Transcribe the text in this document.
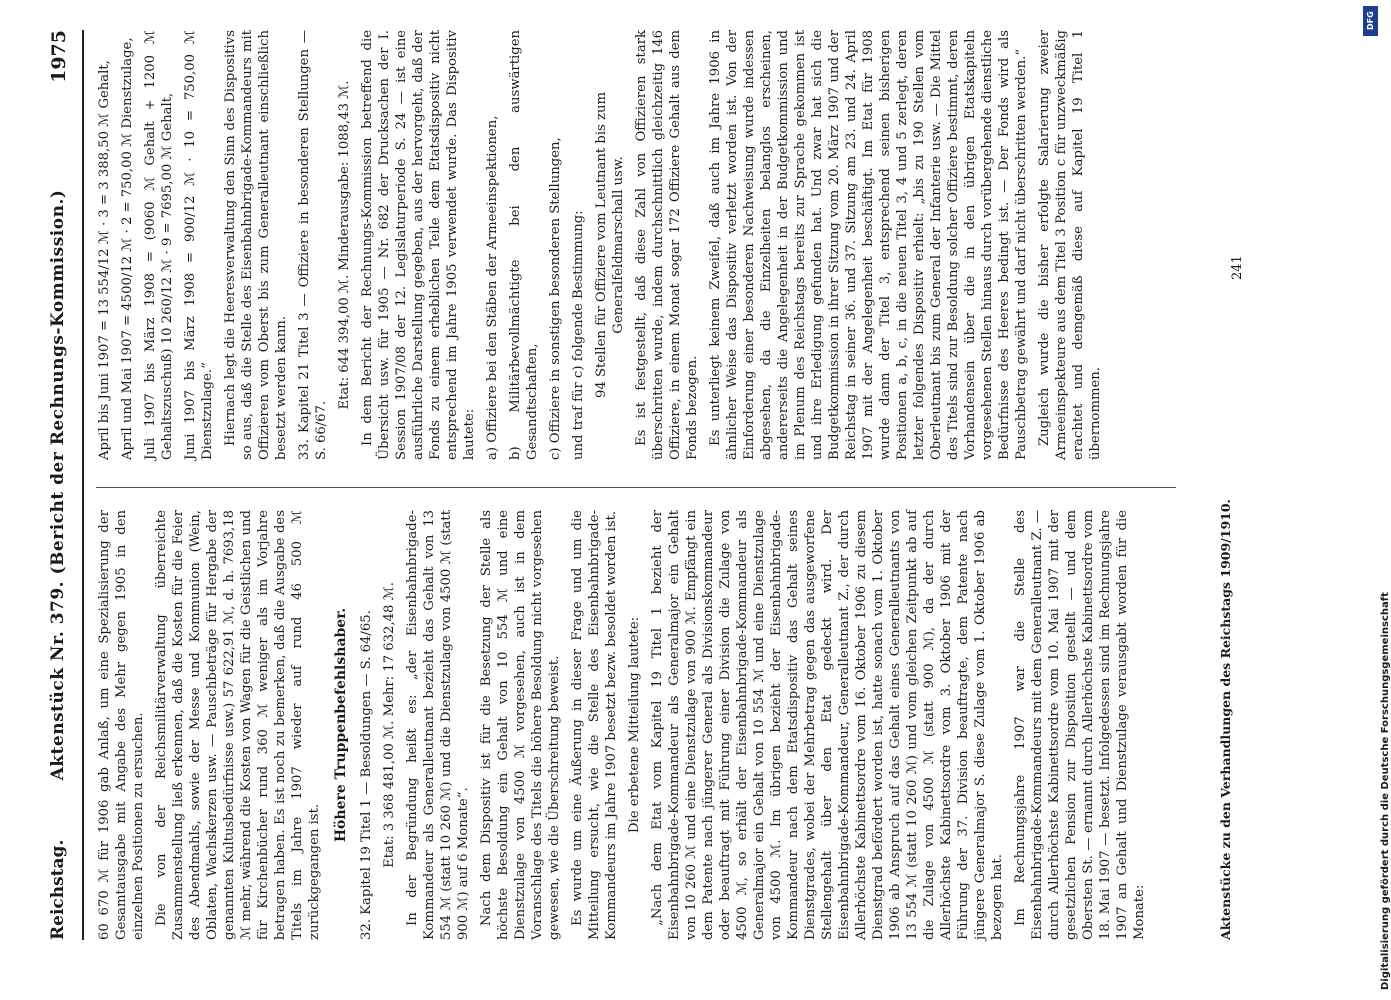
Reichstag.
Aktenstück Nr. 379. (Bericht der Rechnungs-Kommission.)
1975

60 670 ℳ für 1906 gab Anlaß, um eine Spezialisierung der Gesamtausgabe mit Angabe des Mehr gegen 1905 in den einzelnen Positionen zu ersuchen. Die von der Reichsmilitärverwaltung überreichte Zusammenstellung ließ erkennen, daß die Kosten für die Feier des Abendmahls, sowie der Messe und Kommunion (Wein, Oblaten, Wachskerzen usw. — Pauschbeträge für Hergabe der genannten Kultusbedürfnisse usw.) 57 622,91 ℳ, d. h. 7693,18 ℳ mehr, während die Kosten von Wagen für die Geistlichen und für Kirchenbücher rund 360 ℳ weniger als im Vorjahre betragen haben. Es ist noch zu bemerken, daß die Ausgabe des Titels im Jahre 1907 wieder auf rund 46 500 ℳ zurückgegangen ist.

Höhere Truppenbefehlshaber. 32. Kapitel 19 Titel 1 — Besoldungen — S. 64/65. Etat: 3 368 481,00 ℳ. Mehr: 17 632,48 ℳ. In der Begründung heißt es: „der Eisenbahnbrigade-Kommandeur als Generalleutnant bezieht das Gehalt von 13 554 ℳ (statt 10 260 ℳ) und die Dienstzulage von 4500 ℳ (statt 900 ℳ) auf 6 Monate“. Nach dem Dispositiv ist für die Besetzung der Stelle als höchste Besoldung ein Gehalt von 10 554 ℳ und eine Dienstzulage von 4500 ℳ vorgesehen, auch ist in dem Voranschlage des Titels die höhere Besoldung nicht vorgesehen gewesen, wie die Überschreitung beweist. Es wurde um eine Äußerung in dieser Frage und um die Mitteilung ersucht, wie die Stelle des Eisenbahnbrigade-Kommandeurs im Jahre 1907 besetzt bezw. besoldet worden ist. Die erbetene Mitteilung lautete: „Nach dem Etat vom Kapitel 19 Titel 1 bezieht der Eisenbahnbrigade-Kommandeur als Generalmajor ein Gehalt von 10 260 ℳ und eine Dienstzulage von 900 ℳ. Empfängt ein dem Patente nach jüngerer General als Divisionskommandeur oder beauftragt mit Führung einer Division die Zulage von 4500 ℳ, so erhält der Eisenbahnbrigade-Kommandeur als Generalmajor ein Gehalt von 10 554 ℳ und eine Dienstzulage von 4500 ℳ. Im übrigen bezieht der Eisenbahnbrigade-Kommandeur nach dem Etatsdispositiv das Gehalt seines Dienstgrades, wobei der Mehrbetrag gegen das ausgeworfene Stellengehalt über den Etat gedeckt wird. Der Eisenbahnbrigade-Kommandeur, Generalleutnant Z., der durch Allerhöchste Kabinettsordre vom 16. Oktober 1906 zu diesem Dienstgrad befördert worden ist, hatte sonach vom 1. Oktober 1906 ab Anspruch auf das Gehalt eines Generalleutnants von 13 554 ℳ (statt 10 260 ℳ) und vom gleichen Zeitpunkt ab auf die Zulage von 4500 ℳ (statt 900 ℳ), da der durch Allerhöchste Kabinettsordre vom 3. Oktober 1906 mit der Führung der 37. Division beauftragte, dem Patente nach jüngere Generalmajor S. diese Zulage vom 1. Oktober 1906 ab bezogen hat. Im Rechnungsjahre 1907 war die Stelle des Eisenbahnbrigade-Kommandeurs mit dem Generalleutnant Z. — durch Allerhöchste Kabinettsordre vom 10. Mai 1907 mit der gesetzlichen Pension zur Disposition gestellt — und dem Obersten St. — ernannt durch Allerhöchste Kabinettsordre vom 18. Mai 1907 — besetzt. Infolgedessen sind im Rechnungsjahre 1907 an Gehalt und Dienstzulage verausgabt worden für die Monate:

April bis Juni 1907 = 13 554/12 ℳ · 3 = 3 388,50 ℳ Gehalt, April und Mai 1907 = 4500/12 ℳ · 2 = 750,00 ℳ Dienstzulage, Juli 1907 bis März 1908 = (9060 ℳ Gehalt + 1200 ℳ Gehaltszuschuß) 10 260/12 ℳ · 9 = 7695,00 ℳ Gehalt, Juni 1907 bis März 1908 = 900/12 ℳ · 10 = 750,00 ℳ Dienstzulage.“ Hiernach legt die Heeresverwaltung den Sinn des Dispositivs so aus, daß die Stelle des Eisenbahnbrigade-Kommandeurs mit Offizieren vom Oberst bis zum Generalleutnant einschließlich besetzt werden kann. 33. Kapitel 21 Titel 3 — Offiziere in besonderen Stellungen — S. 66/67.

Etat: 644 394,00 ℳ. Minderausgabe: 1088,43 ℳ. In dem Bericht der Rechnungs-Kommission betreffend die Übersicht usw. für 1905 — Nr. 682 der Drucksachen der I. Session 1907/08 der 12. Legislaturperiode S. 24 — ist eine ausführliche Darstellung gegeben, aus der hervorgeht, daß der Fonds zu einem erheblichen Teile dem Etatsdispositiv nicht entsprechend im Jahre 1905 verwendet wurde. Das Dispositiv lautete: a) Offiziere bei den Stäben der Armeeinspektionen, b) Militärbevollmächtigte bei den auswärtigen Gesandtschaften, c) Offiziere in sonstigen besonderen Stellungen, und traf für c) folgende Bestimmung: 94 Stellen für Offiziere vom Leutnant bis zum Generalfeldmarschall usw. Es ist festgestellt, daß diese Zahl von Offizieren stark überschritten wurde, indem durchschnittlich gleichzeitig 146 Offiziere, in einem Monat sogar 172 Offiziere Gehalt aus dem Fonds bezogen. Es unterliegt keinem Zweifel, daß auch im Jahre 1906 in ähnlicher Weise das Dispositiv verletzt worden ist. Von der Einforderung einer besonderen Nachweisung wurde indessen abgesehen, da die Einzelheiten belanglos erscheinen, andererseits die Angelegenheit in der Budgetkommission und im Plenum des Reichstags bereits zur Sprache gekommen ist und ihre Erledigung gefunden hat. Und zwar hat sich die Budgetkommission in ihrer Sitzung vom 20. März 1907 und der Reichstag in seiner 36. und 37. Sitzung am 23. und 24. April 1907 mit der Angelegenheit beschäftigt. Im Etat für 1908 wurde dann der Titel 3, entsprechend seinen bisherigen Positionen a, b, c, in die neuen Titel 3, 4 und 5 zerlegt, deren letzter folgendes Dispositiv erhielt: „bis zu 190 Stellen vom Oberleutnant bis zum General der Infanterie usw. — Die Mittel des Titels sind zur Besoldung solcher Offiziere bestimmt, deren Vorhandensein über die in den übrigen Etatskapiteln vorgesehenen Stellen hinaus durch vorübergehende dienstliche Bedürfnisse des Heeres bedingt ist. — Der Fonds wird als Pauschbetrag gewährt und darf nicht überschritten werden.“ Zugleich wurde die bisher erfolgte Salarierung zweier Armeeinspekteure aus dem Titel 3 Position c für unzweckmäßig erachtet und demgemäß diese auf Kapitel 19 Titel 1 übernommen.

Aktenstücke zu den Verhandlungen des Reichstags 1909/1910.
241
DFG
Digitalisierung gefördert durch die Deutsche Forschungsgemeinschaft
